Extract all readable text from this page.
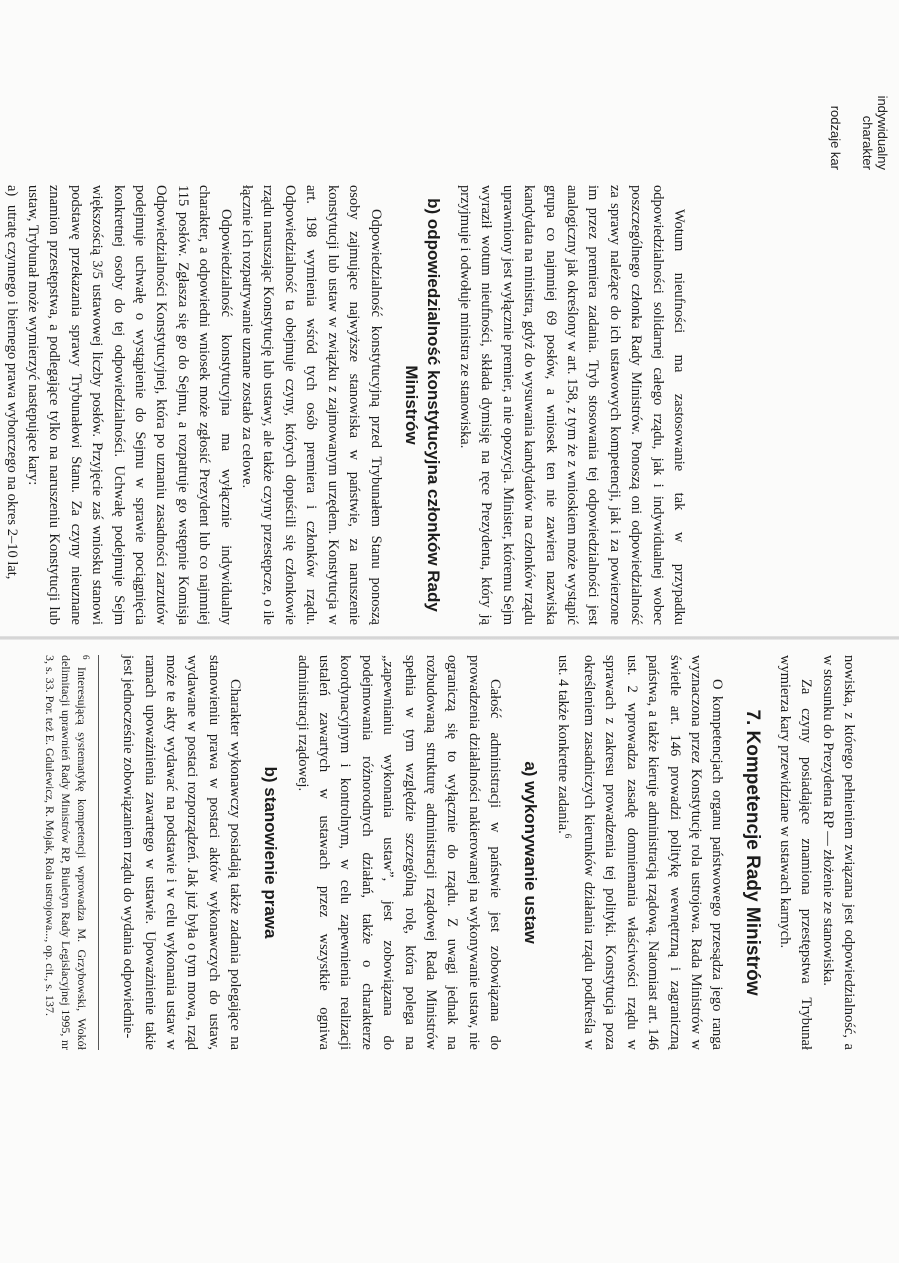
indywidualny charakter
rodzaje kar

Wotum nieufności ma zastosowanie tak w przypadku odpowiedzialności solidarnej całego rządu, jak i indywidualnej wobec poszczególnego członka Rady Ministrów. Ponoszą oni odpowiedzialność za sprawy należące do ich ustawowych kompetencji, jak i za powierzone im przez premiera zadania. Tryb stosowania tej odpowiedzialności jest analogiczny jak określony w art. 158, z tym że z wnioskiem może wystąpić grupa co najmniej 69 posłów, a wniosek ten nie zawiera nazwiska kandydata na ministra, gdyż do wysuwania kandydatów na członków rządu uprawniony jest wyłącznie premier, a nie opozycja. Minister, któremu Sejm wyraził wotum nieufności, składa dymisję na ręce Prezydenta, który ją przyjmuje i odwołuje ministra ze stanowiska.

b) odpowiedzialność konstytucyjna członków Rady Ministrów

Odpowiedzialność konstytucyjną przed Trybunałem Stanu ponoszą osoby zajmujące najwyższe stanowiska w państwie, za naruszenie konstytucji lub ustaw w związku z zajmowanym urzędem. Konstytucja w art. 198 wymienia wśród tych osób premiera i członków rządu. Odpowiedzialność ta obejmuje czyny, których dopuścili się członkowie rządu naruszając Konstytucję lub ustawy, ale także czyny przestępcze, o ile łącznie ich rozpatrywanie uznane zostało za celowe.

Odpowiedzialność konstytucyjna ma wyłącznie indywidualny charakter, a odpowiedni wniosek może zgłosić Prezydent lub co najmniej 115 posłów. Zgłasza się go do Sejmu, a rozpatruje go wstępnie Komisja Odpowiedzialności Konstytucyjnej, która po uznaniu zasadności zarzutów podejmuje uchwałę o wystąpienie do Sejmu w sprawie pociągnięcia konkretnej osoby do tej odpowiedzialności. Uchwałę podejmuje Sejm większością 3/5 ustawowej liczby posłów. Przyjęcie zaś wniosku stanowi podstawę przekazania sprawy Trybunałowi Stanu. Za czyny nieuznane znamion przestępstwa, a podlegające tylko na naruszeniu Konstytucji lub ustaw, Trybunał może wymierzyć następujące kary:

a)
utratę czynnego i biernego prawa wyborczego na okres 2–10 lat,

nowiska, z którego pełnieniem związana jest odpowiedzialność, a w stosunku do Prezydenta RP — złożenie ze stanowiska.

Za czyny posiadające znamiona przestępstwa Trybunał wymierza kary przewidziane w ustawach karnych.

7. Kompetencje Rady Ministrów

O kompetencjach organu państwowego przesądza jego ranga wyznaczona przez Konstytucję rola ustrojowa. Rada Ministrów w świetle art. 146 prowadzi politykę wewnętrzną i zagraniczną państwa, a także kieruje administracją rządową. Natomiast art. 146 ust. 2 wprowadza zasadę domniemania właściwości rządu w sprawach z zakresu prowadzenia tej polityki. Konstytucja poza określeniem zasadniczych kierunków działania rządu podkreśla w ust. 4 także konkretne zadania.$^6$

a) wykonywanie ustaw

Całość administracji w państwie jest zobowiązana do prowadzenia działalności nakierowanej na wykonywanie ustaw, nie ograniczą się to wyłącznie do rządu. Z uwagi jednak na rozbudowaną strukturę administracji rządowej Rada Ministrów spełnia w tym względzie szczególną rolę, która polega na „zapewnianiu wykonania ustaw”, jest zobowiązana do podejmowania różnorodnych działań, także o charakterze koordynacyjnym i kontrolnym, w celu zapewnienia realizacji ustaleń zawartych w ustawach przez wszystkie ogniwa administracji rządowej.

b) stanowienie prawa

Charakter wykonawczy posiadają także zadania polegające na stanowieniu prawa w postaci aktów wykonawczych do ustaw, wydawane w postaci rozporządzeń. Jak już była o tym mowa, rząd może te akty wydawać na podstawie i w celu wykonania ustaw w ramach upoważnienia zawartego w ustawie. Upoważnienie takie jest jednocześnie zobowiązaniem rządu do wydania odpowiednie-

$^6$ Interesującą systematykę kompetencji wprowadza M. Grzybowski, Wokół delimitacji uprawnień Rady Ministrów RP, Biuletyn Rady Legislacyjnej 1995, nr 3, s. 33. Por. też E. Gdulewicz, R. Mojak, Rola ustrojowa..., op. cit., s. 137.
